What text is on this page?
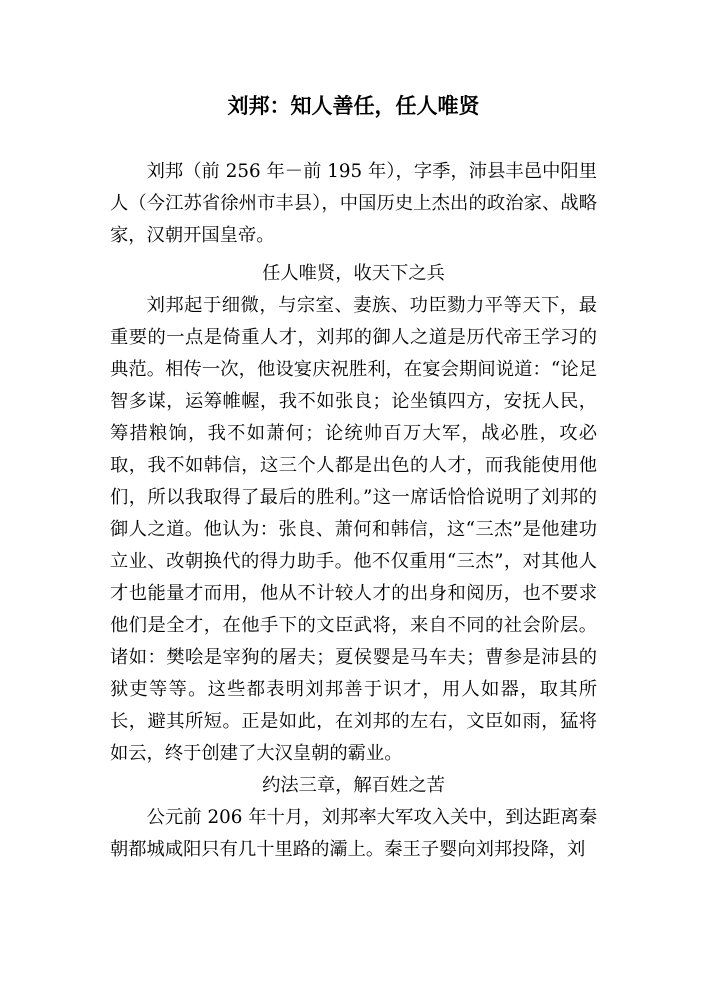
刘邦：知人善任，任人唯贤

刘邦（前 256 年－前 195 年），字季，沛县丰邑中阳里人（今江苏省徐州市丰县），中国历史上杰出的政治家、战略家，汉朝开国皇帝。

任人唯贤，收天下之兵

刘邦起于细微，与宗室、妻族、功臣勠力平等天下，最重要的一点是倚重人才，刘邦的御人之道是历代帝王学习的典范。相传一次，他设宴庆祝胜利，在宴会期间说道：“论足智多谋，运筹帷幄，我不如张良；论坐镇四方，安抚人民，筹措粮饷，我不如萧何；论统帅百万大军，战必胜，攻必取，我不如韩信，这三个人都是出色的人才，而我能使用他们，所以我取得了最后的胜利。”这一席话恰恰说明了刘邦的御人之道。他认为：张良、萧何和韩信，这“三杰”是他建功立业、改朝换代的得力助手。他不仅重用“三杰”，对其他人才也能量才而用，他从不计较人才的出身和阅历，也不要求他们是全才，在他手下的文臣武将，来自不同的社会阶层。诸如：樊哙是宰狗的屠夫；夏侯婴是马车夫；曹参是沛县的狱吏等等。这些都表明刘邦善于识才，用人如器，取其所长，避其所短。正是如此，在刘邦的左右，文臣如雨，猛将如云，终于创建了大汉皇朝的霸业。

约法三章，解百姓之苦

公元前 206 年十月，刘邦率大军攻入关中，到达距离秦朝都城咸阳只有几十里路的灞上。秦王子婴向刘邦投降，刘
